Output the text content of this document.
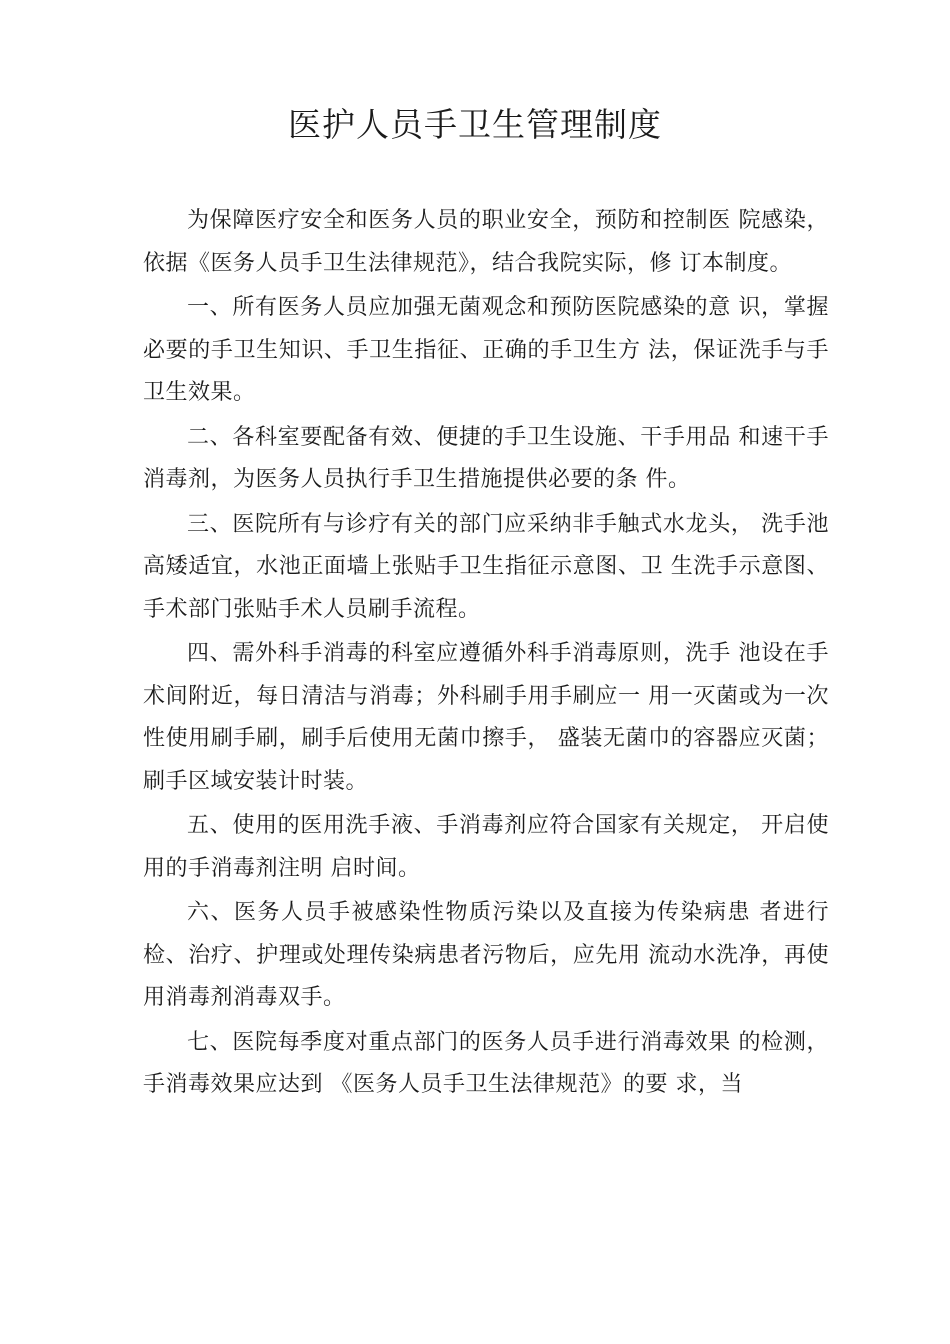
医护人员手卫生管理制度

为保障医疗安全和医务人员的职业安全，预防和控制医 院感染，依据《医务人员手卫生法律规范》，结合我院实际，修 订本制度。

一、所有医务人员应加强无菌观念和预防医院感染的意 识，掌握必要的手卫生知识、手卫生指征、正确的手卫生方 法，保证洗手与手卫生效果。

二、各科室要配备有效、便捷的手卫生设施、干手用品 和速干手消毒剂，为医务人员执行手卫生措施提供必要的条 件。

三、医院所有与诊疗有关的部门应采纳非手触式水龙头， 洗手池高矮适宜，水池正面墙上张贴手卫生指征示意图、卫 生洗手示意图、手术部门张贴手术人员刷手流程。

四、需外科手消毒的科室应遵循外科手消毒原则，洗手 池设在手术间附近，每日清洁与消毒；外科刷手用手刷应一 用一灭菌或为一次性使用刷手刷，刷手后使用无菌巾擦手， 盛装无菌巾的容器应灭菌；刷手区域安装计时装。

五、使用的医用洗手液、手消毒剂应符合国家有关规定， 开启使用的手消毒剂注明 启时间。

六、医务人员手被感染性物质污染以及直接为传染病患 者进行检、治疗、护理或处理传染病患者污物后，应先用 流动水洗净，再使用消毒剂消毒双手。

七、医院每季度对重点部门的医务人员手进行消毒效果 的检测，手消毒效果应达到 《医务人员手卫生法律规范》的要 求，当
